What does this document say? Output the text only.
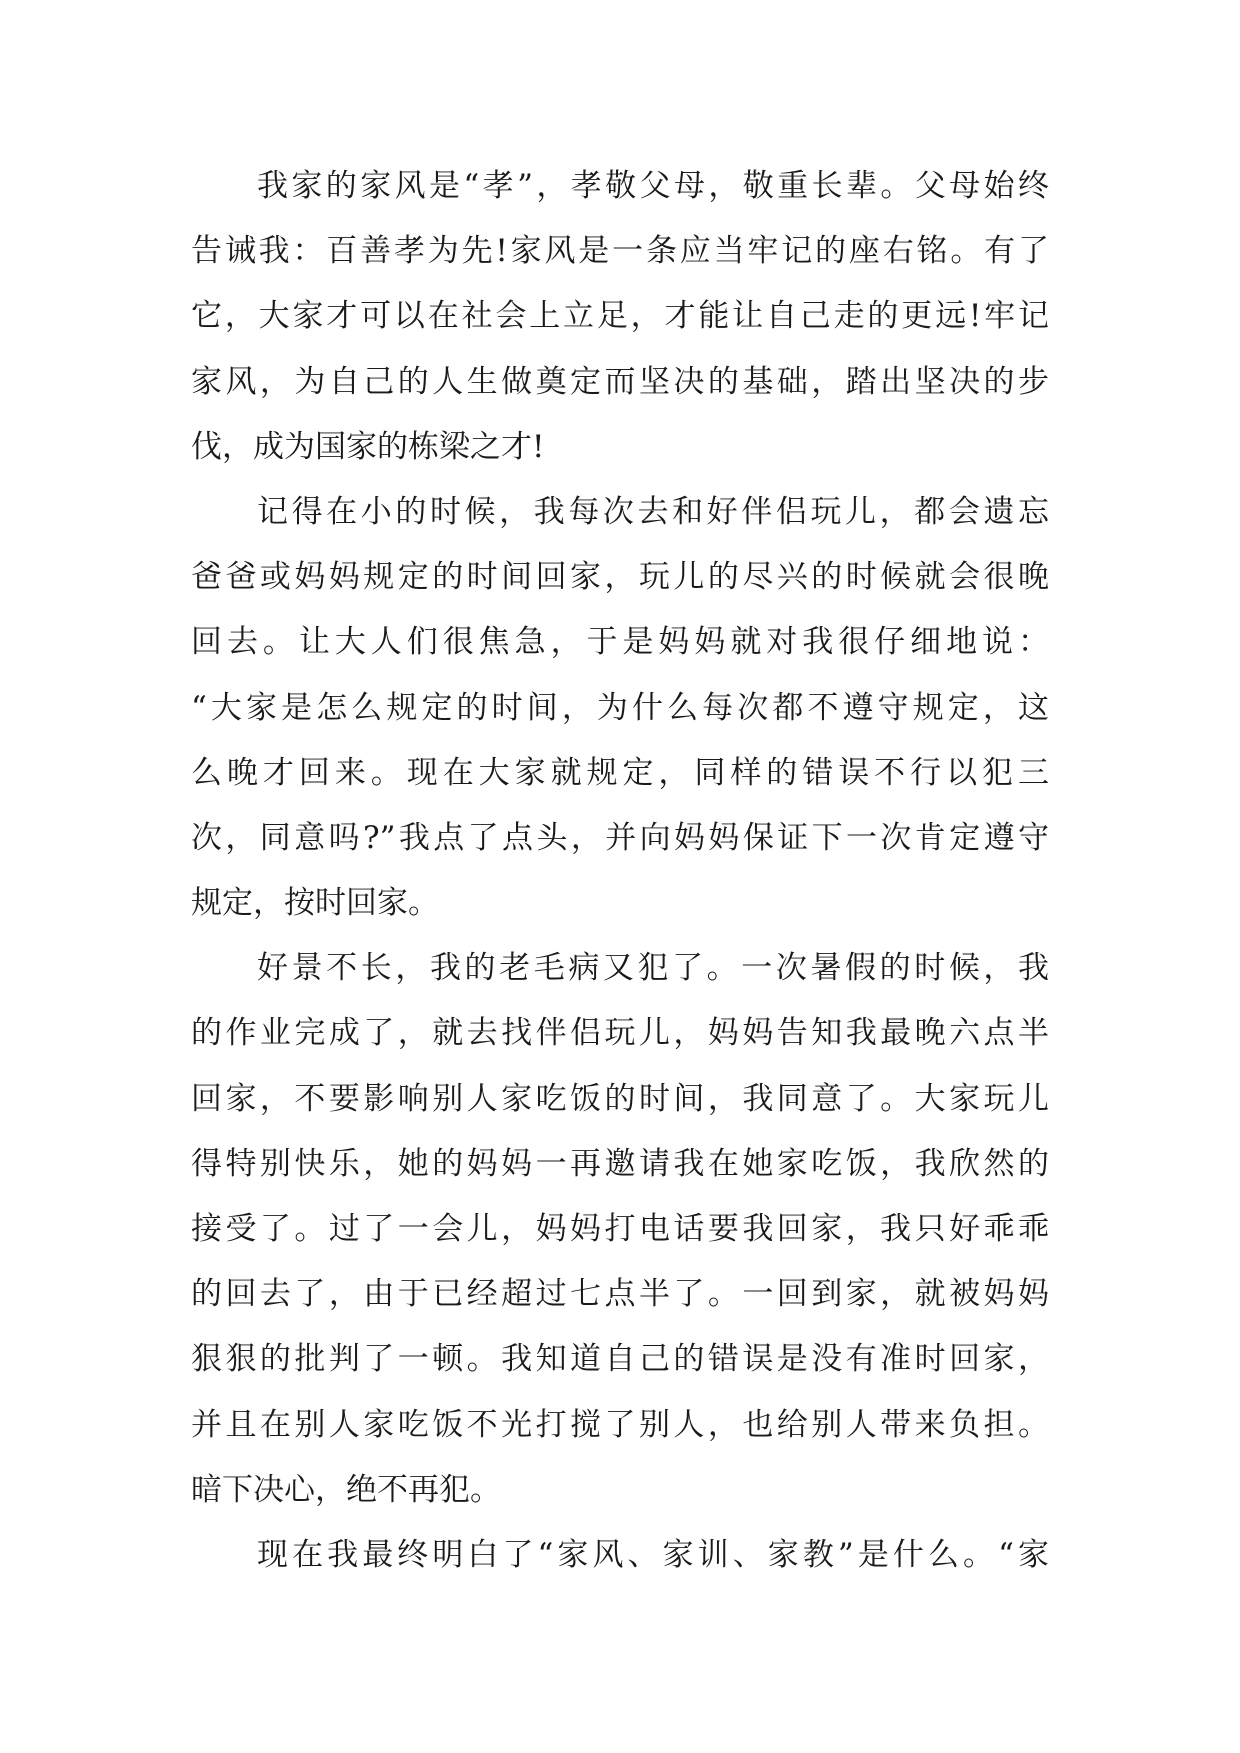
我家的家风是“孝”，孝敬父母，敬重长辈。父母始终
告诫我：百善孝为先!家风是一条应当牢记的座右铭。有了
它，大家才可以在社会上立足，才能让自己走的更远!牢记
家风，为自己的人生做奠定而坚决的基础，踏出坚决的步
伐，成为国家的栋梁之才!
记得在小的时候，我每次去和好伴侣玩儿，都会遗忘
爸爸或妈妈规定的时间回家，玩儿的尽兴的时候就会很晚
回去。让大人们很焦急，于是妈妈就对我很仔细地说：
“大家是怎么规定的时间，为什么每次都不遵守规定，这
么晚才回来。现在大家就规定，同样的错误不行以犯三
次，同意吗?”我点了点头，并向妈妈保证下一次肯定遵守
规定，按时回家。
好景不长，我的老毛病又犯了。一次暑假的时候，我
的作业完成了，就去找伴侣玩儿，妈妈告知我最晚六点半
回家，不要影响别人家吃饭的时间，我同意了。大家玩儿
得特别快乐，她的妈妈一再邀请我在她家吃饭，我欣然的
接受了。过了一会儿，妈妈打电话要我回家，我只好乖乖
的回去了，由于已经超过七点半了。一回到家，就被妈妈
狠狠的批判了一顿。我知道自己的错误是没有准时回家，
并且在别人家吃饭不光打搅了别人，也给别人带来负担。
暗下决心，绝不再犯。
现在我最终明白了“家风、家训、家教”是什么。“家
